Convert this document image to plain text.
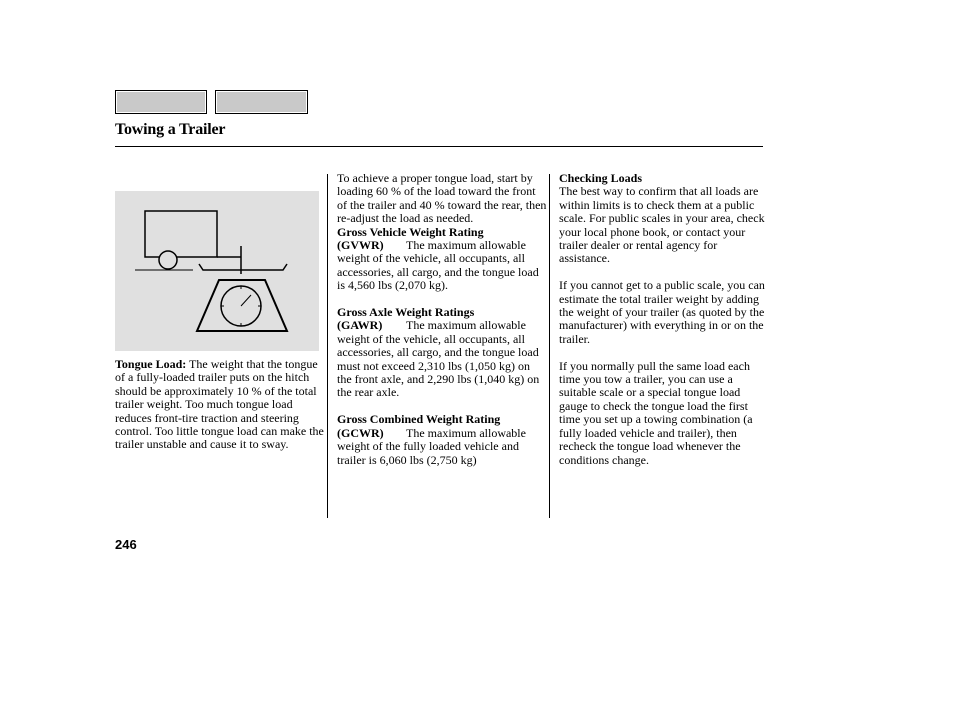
Towing a Trailer

Tongue Load: The weight that the tongue of a fully-loaded trailer puts on the hitch should be approximately 10 % of the total trailer weight. Too much tongue load reduces front-tire traction and steering control. Too little tongue load can make the trailer unstable and cause it to sway.

To achieve a proper tongue load, start by loading 60 % of the load toward the front of the trailer and 40 % toward the rear, then re-adjust the load as needed.

Gross Vehicle Weight Rating

(GVWR) The maximum allowable weight of the vehicle, all occupants, all accessories, all cargo, and the tongue load is 4,560 lbs (2,070 kg).

Gross Axle Weight Ratings

(GAWR) The maximum allowable weight of the vehicle, all occupants, all accessories, all cargo, and the tongue load must not exceed 2,310 lbs (1,050 kg) on the front axle, and 2,290 lbs (1,040 kg) on the rear axle.

Gross Combined Weight Rating

(GCWR) The maximum allowable weight of the fully loaded vehicle and trailer is 6,060 lbs (2,750 kg)

Checking Loads

The best way to confirm that all loads are within limits is to check them at a public scale. For public scales in your area, check your local phone book, or contact your trailer dealer or rental agency for assistance.

If you cannot get to a public scale, you can estimate the total trailer weight by adding the weight of your trailer (as quoted by the manufacturer) with everything in or on the trailer.

If you normally pull the same load each time you tow a trailer, you can use a suitable scale or a special tongue load gauge to check the tongue load the first time you set up a towing combination (a fully loaded vehicle and trailer), then recheck the tongue load whenever the conditions change.

246
